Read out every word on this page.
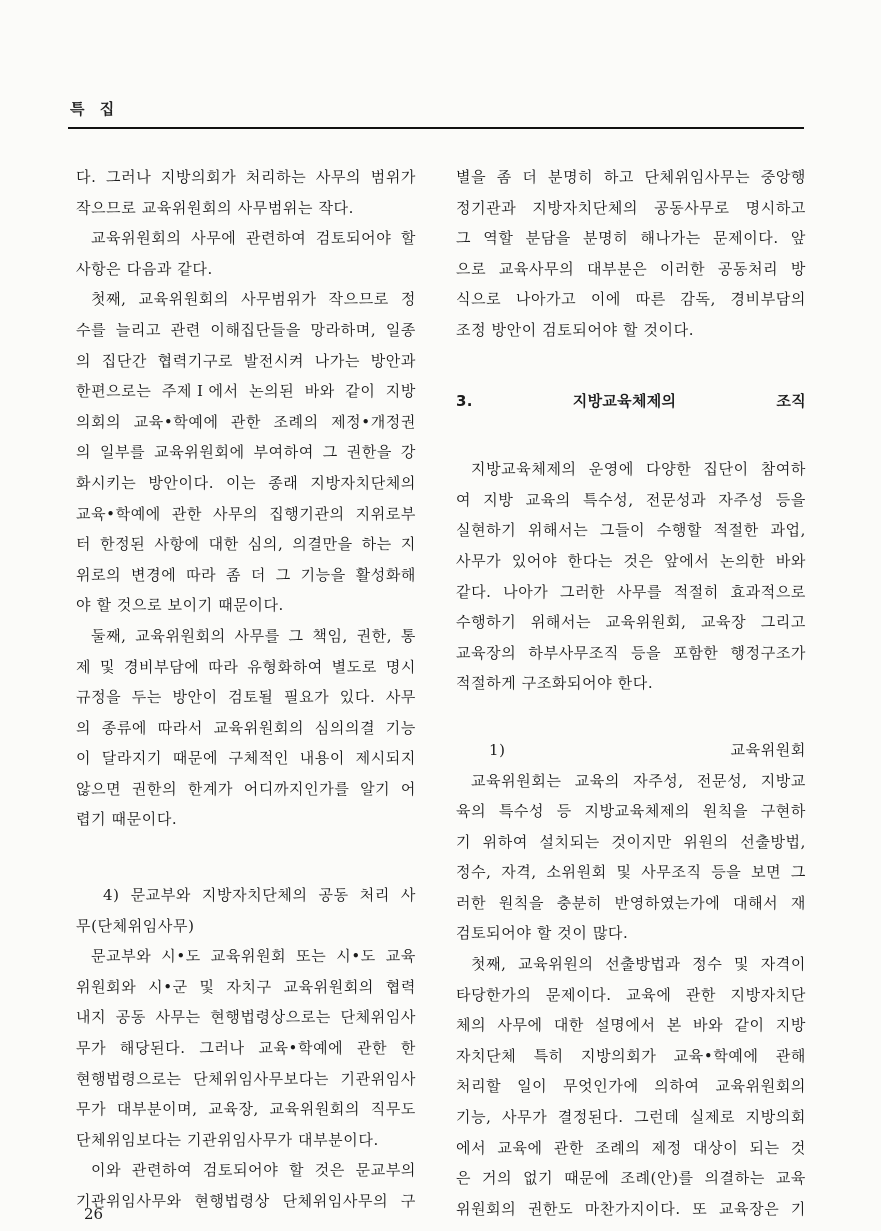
특 집

다. 그러나 지방의회가 처리하는 사무의 범위가

작으므로 교육위원회의 사무범위는 작다.

교육위원회의 사무에 관련하여 검토되어야 할

사항은 다음과 같다.

첫째, 교육위원회의 사무범위가 작으므로 정

수를 늘리고 관련 이해집단들을 망라하며, 일종

의 집단간 협력기구로 발전시켜 나가는 방안과

한편으로는 주제Ⅰ에서 논의된 바와 같이 지방

의회의 교육•학예에 관한 조례의 제정•개정권

의 일부를 교육위원회에 부여하여 그 권한을 강

화시키는 방안이다. 이는 종래 지방자치단체의

교육•학예에 관한 사무의 집행기관의 지위로부

터 한정된 사항에 대한 심의, 의결만을 하는 지

위로의 변경에 따라 좀 더 그 기능을 활성화해

야 할 것으로 보이기 때문이다.

둘째, 교육위원회의 사무를 그 책임, 권한, 통

제 및 경비부담에 따라 유형화하여 별도로 명시

규정을 두는 방안이 검토될 필요가 있다. 사무

의 종류에 따라서 교육위원회의 심의의결 기능

이 달라지기 때문에 구체적인 내용이 제시되지

않으면 권한의 한계가 어디까지인가를 알기 어

렵기 때문이다.

4) 문교부와 지방자치단체의 공동 처리 사

무(단체위임사무)

문교부와 시•도 교육위원회 또는 시•도 교육

위원회와 시•군 및 자치구 교육위원회의 협력

내지 공동 사무는 현행법령상으로는 단체위임사

무가 해당된다. 그러나 교육•학예에 관한 한

현행법령으로는 단체위임사무보다는 기관위임사

무가 대부분이며, 교육장, 교육위원회의 직무도

단체위임보다는 기관위임사무가 대부분이다.

이와 관련하여 검토되어야 할 것은 문교부의

기관위임사무와 현행법령상 단체위임사무의 구

별을 좀 더 분명히 하고 단체위임사무는 중앙행

정기관과 지방자치단체의 공동사무로 명시하고

그 역할 분담을 분명히 해나가는 문제이다. 앞

으로 교육사무의 대부분은 이러한 공동처리 방

식으로 나아가고 이에 따른 감독, 경비부담의

조정 방안이 검토되어야 할 것이다.

3. 지방교육체제의 조직

지방교육체제의 운영에 다양한 집단이 참여하

여 지방 교육의 특수성, 전문성과 자주성 등을

실현하기 위해서는 그들이 수행할 적절한 과업,

사무가 있어야 한다는 것은 앞에서 논의한 바와

같다. 나아가 그러한 사무를 적절히 효과적으로

수행하기 위해서는 교육위원회, 교육장 그리고

교육장의 하부사무조직 등을 포함한 행정구조가

적절하게 구조화되어야 한다.

1) 교육위원회

교육위원회는 교육의 자주성, 전문성, 지방교

육의 특수성 등 지방교육체제의 원칙을 구현하

기 위하여 설치되는 것이지만 위원의 선출방법,

정수, 자격, 소위원회 및 사무조직 등을 보면 그

러한 원칙을 충분히 반영하였는가에 대해서 재

검토되어야 할 것이 많다.

첫째, 교육위원의 선출방법과 정수 및 자격이

타당한가의 문제이다. 교육에 관한 지방자치단

체의 사무에 대한 설명에서 본 바와 같이 지방

자치단체 특히 지방의회가 교육•학예에 관해

처리할 일이 무엇인가에 의하여 교육위원회의

기능, 사무가 결정된다. 그런데 실제로 지방의회

에서 교육에 관한 조례의 제정 대상이 되는 것

은 거의 없기 때문에 조례(안)를 의결하는 교육

위원회의 권한도 마찬가지이다. 또 교육장은 기

26
